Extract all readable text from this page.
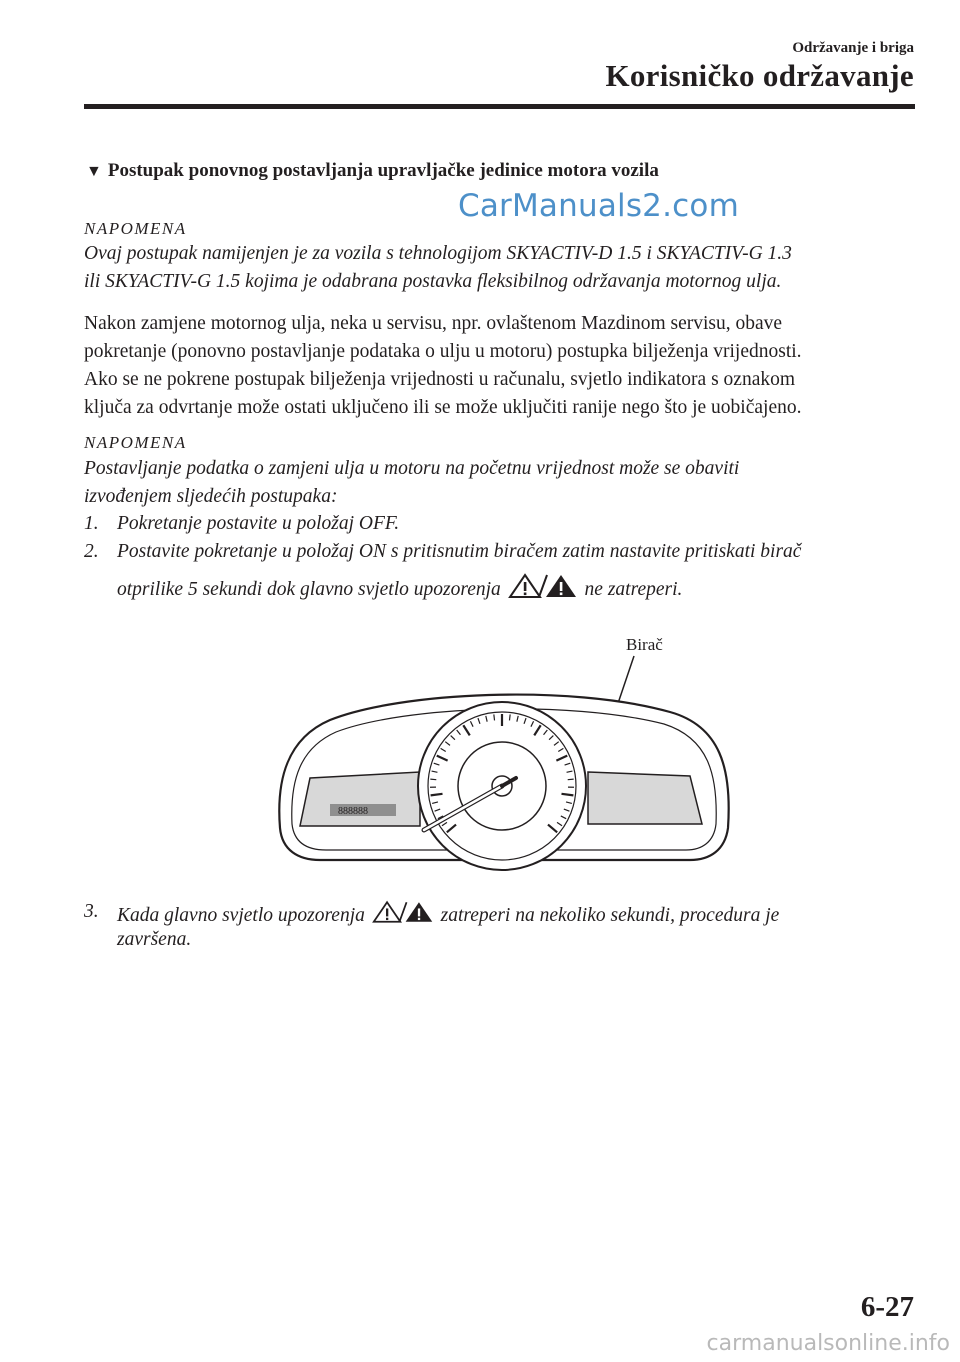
Održavanje i briga
Korisničko održavanje
▼ Postupak ponovnog postavljanja upravljačke jedinice motora vozila
CarManuals2.com
NAPOMENA
Ovaj postupak namijenjen je za vozila s tehnologijom SKYACTIV-D 1.5 i SKYACTIV-G 1.3
ili SKYACTIV-G 1.5 kojima je odabrana postavka fleksibilnog održavanja motornog ulja.
Nakon zamjene motornog ulja, neka u servisu, npr. ovlaštenom Mazdinom servisu, obave
pokretanje (ponovno postavljanje podataka o ulju u motoru) postupka bilježenja vrijednosti.
Ako se ne pokrene postupak bilježenja vrijednosti u računalu, svjetlo indikatora s oznakom
ključa za odvrtanje može ostati uključeno ili se može uključiti ranije nego što je uobičajeno.
NAPOMENA
Postavljanje podatka o zamjeni ulja u motoru na početnu vrijednost može se obaviti
izvođenjem sljedećih postupaka:
1. Pokretanje postavite u položaj OFF.
2. Postavite pokretanje u položaj ON s pritisnutim biračem zatim nastavite pritiskati birač
otprilike 5 sekundi dok glavno svjetlo upozorenja	ne zatreperi.
Birač
888888
3. Kada glavno svjetlo upozorenja	zatreperi na nekoliko sekundi, procedura je
završena.
6-27
carmanualsonline.info
